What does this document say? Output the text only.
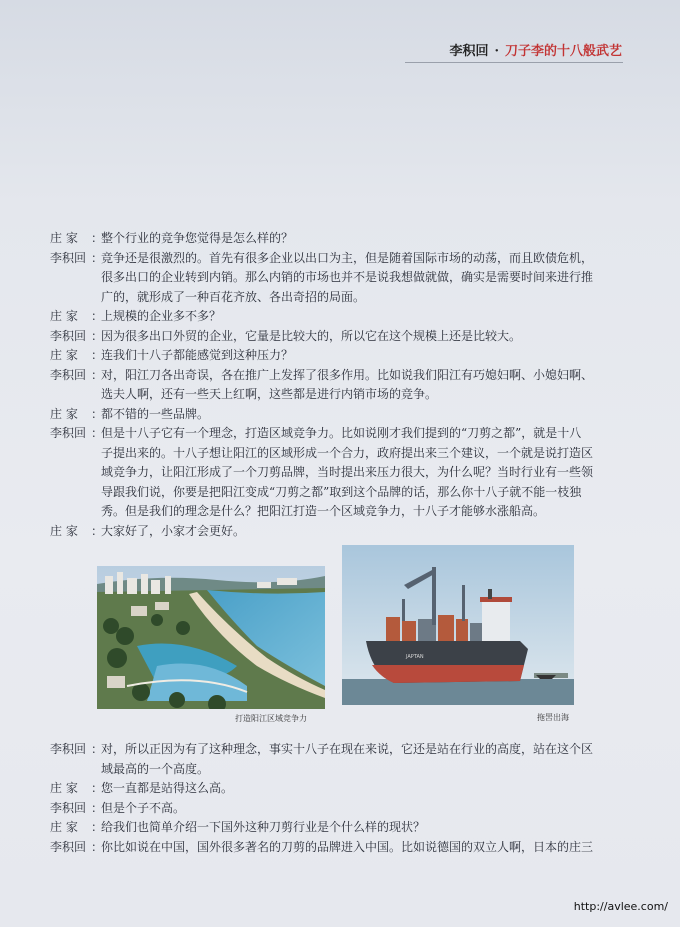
李积回 · 刀子李的十八般武艺
庄 家	：
整个行业的竞争您觉得是怎么样的？
李积回 ：
竞争还是很激烈的。首先有很多企业以出口为主，但是随着国际市场的动荡，而且欧债危机，
很多出口的企业转到内销。那么内销的市场也并不是说我想做就做，确实是需要时间来进行推
广的，就形成了一种百花齐放、各出奇招的局面。
庄 家	：
上规模的企业多不多？
李积回 ：
因为很多出口外贸的企业，它量是比较大的，所以它在这个规模上还是比较大。
庄 家	：
连我们十八子都能感觉到这种压力？
李积回 ：
对，阳江刀各出奇误，各在推广上发挥了很多作用。比如说我们阳江有巧媳妇啊、小媳妇啊、
选夫人啊，还有一些天上红啊，这些都是进行内销市场的竞争。
庄 家	：
都不错的一些品牌。
李积回 ：
但是十八子它有一个理念，打造区域竞争力。比如说刚才我们提到的“刀剪之都”，就是十八
子提出来的。十八子想让阳江的区域形成一个合力，政府提出来三个建议，一个就是说打造区
域竞争力，让阳江形成了一个刀剪品牌，当时提出来压力很大，为什么呢？当时行业有一些领
导跟我们说，你要是把阳江变成“刀剪之都”取到这个品牌的话，那么你十八子就不能一枝独
秀。但是我们的理念是什么？把阳江打造一个区域竞争力，十八子才能够水涨船高。
庄 家	：
大家好了，小家才会更好。
打造阳江区域竞争力
JAPTAN
拖罟出海
李积回 ：
对，所以正因为有了这种理念，事实十八子在现在来说，它还是站在行业的高度，站在这个区
域最高的一个高度。
庄 家	：
您一直都是站得这么高。
李积回 ：
但是个子不高。
庄 家	：
给我们也简单介绍一下国外这种刀剪行业是个什么样的现状？
李积回 ：
你比如说在中国，国外很多著名的刀剪的品牌进入中国。比如说德国的双立人啊，日本的庄三
http://avlee.com/
